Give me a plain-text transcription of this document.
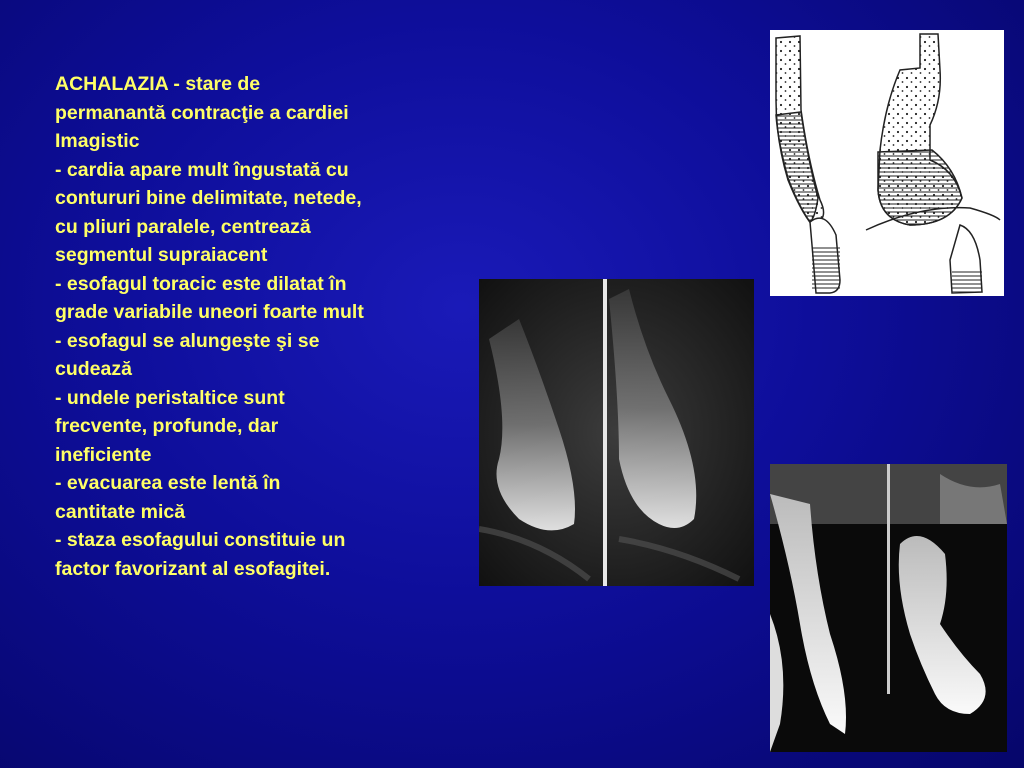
ACHALAZIA - stare de
permanantă contracţie a cardiei
Imagistic
- cardia apare mult îngustată cu
contururi bine delimitate, netede,
cu pliuri paralele, centrează
segmentul supraiacent
- esofagul toracic este dilatat în
grade variabile uneori foarte mult
- esofagul se alungeşte şi se
cudează
- undele peristaltice sunt
frecvente, profunde, dar
ineficiente
- evacuarea este lentă în
cantitate mică
- staza esofagului constituie un
factor favorizant al esofagitei.
